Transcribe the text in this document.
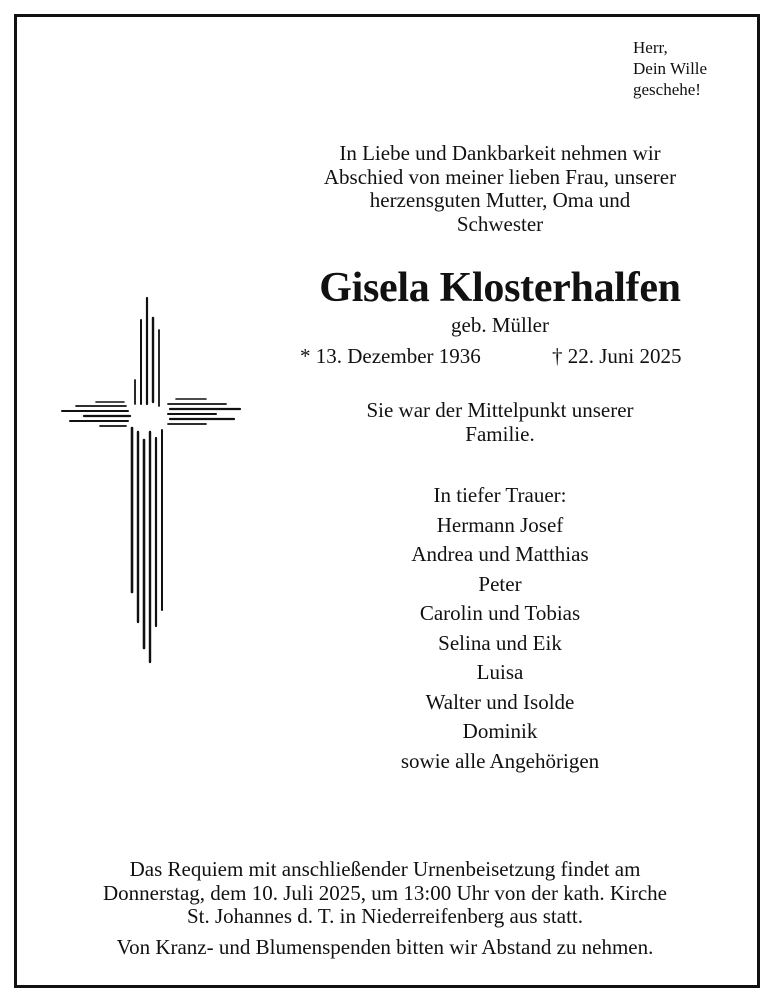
Herr,
Dein Wille
geschehe!
In Liebe und Dankbarkeit nehmen wir
Abschied von meiner lieben Frau, unserer
herzensguten Mutter, Oma und
Schwester
Gisela Klosterhalfen
geb. Müller
* 13. Dezember 1936	† 22. Juni 2025
Sie war der Mittelpunkt unserer
Familie.
In tiefer Trauer:
Hermann Josef
Andrea und Matthias
Peter
Carolin und Tobias
Selina und Eik
Luisa
Walter und Isolde
Dominik
sowie alle Angehörigen
Das Requiem mit anschließender Urnenbeisetzung findet am
Donnerstag, dem 10. Juli 2025, um 13:00 Uhr von der kath. Kirche
St. Johannes d. T. in Niederreifenberg aus statt.
Von Kranz- und Blumenspenden bitten wir Abstand zu nehmen.
